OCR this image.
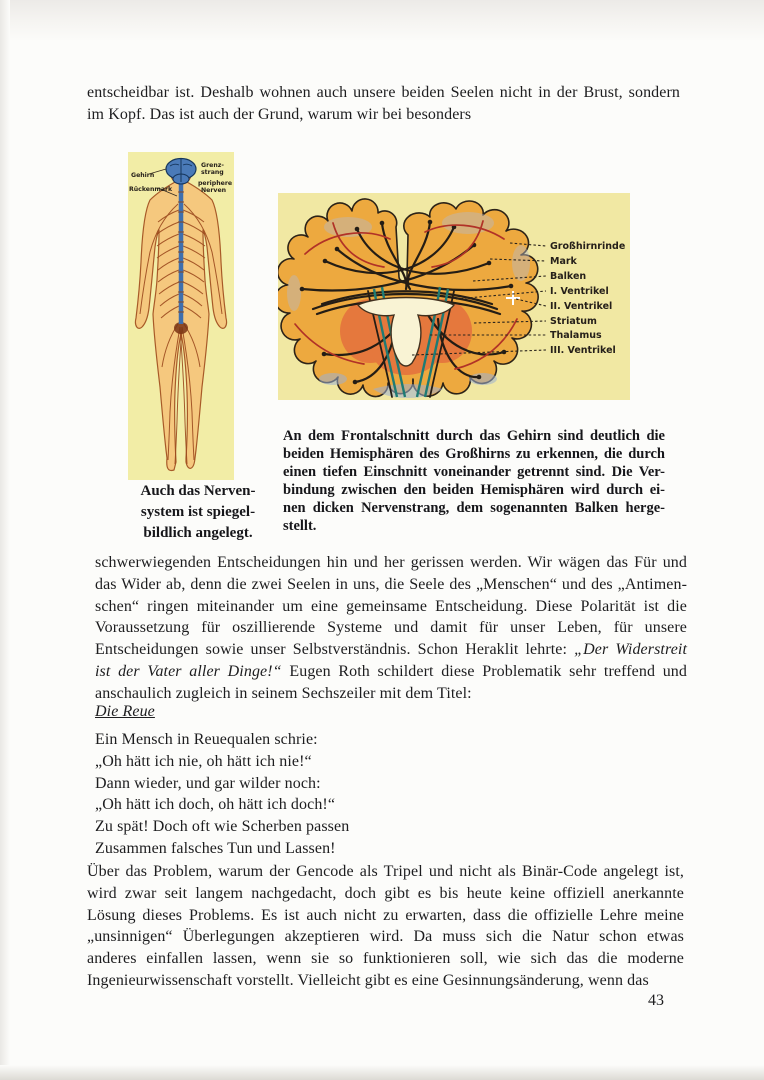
entscheidbar ist. Deshalb wohnen auch unsere beiden Seelen nicht in der Brust, sondern
im Kopf. Das ist auch der Grund, warum wir bei besonders
Gehirn
Rückenmark
Grenz-
strang
periphere
Nerven
Großhirnrinde
Mark
Balken
I. Ventrikel
II. Ventrikel
Striatum
Thalamus
III. Ventrikel
An dem Frontalschnitt durch das Gehirn sind deutlich die
beiden Hemisphären des Großhirns zu erkennen, die durch
einen tiefen Einschnitt voneinander getrennt sind. Die Ver-
bindung zwischen den beiden Hemisphären wird durch ei-
nen dicken Nervenstrang, dem sogenannten Balken herge-
stellt.
Auch das Nerven-
system ist spiegel-
bildlich angelegt.
schwerwiegenden Entscheidungen hin und her gerissen werden. Wir wägen das Für und
das Wider ab, denn die zwei Seelen in uns, die Seele des „Menschen“ und des „Antimen-
schen“ ringen miteinander um eine gemeinsame Entscheidung. Diese Polarität ist die
Voraussetzung für oszillierende Systeme und damit für unser Leben, für unsere
Entscheidungen sowie unser Selbstverständnis. Schon Heraklit lehrte: „Der Widerstreit
ist der Vater aller Dinge!“ Eugen Roth schildert diese Problematik sehr treffend und
anschaulich zugleich in seinem Sechszeiler mit dem Titel:
Die Reue
Ein Mensch in Reuequalen schrie:
„Oh hätt ich nie, oh hätt ich nie!“
Dann wieder, und gar wilder noch:
„Oh hätt ich doch, oh hätt ich doch!“
Zu spät! Doch oft wie Scherben passen
Zusammen falsches Tun und Lassen!
Über das Problem, warum der Gencode als Tripel und nicht als Binär-Code angelegt ist,
wird zwar seit langem nachgedacht, doch gibt es bis heute keine offiziell anerkannte
Lösung dieses Problems. Es ist auch nicht zu erwarten, dass die offizielle Lehre meine
„unsinnigen“ Überlegungen akzeptieren wird. Da muss sich die Natur schon etwas
anderes einfallen lassen, wenn sie so funktionieren soll, wie sich das die moderne
Ingenieurwissenschaft vorstellt. Vielleicht gibt es eine Gesinnungsänderung, wenn das
43
